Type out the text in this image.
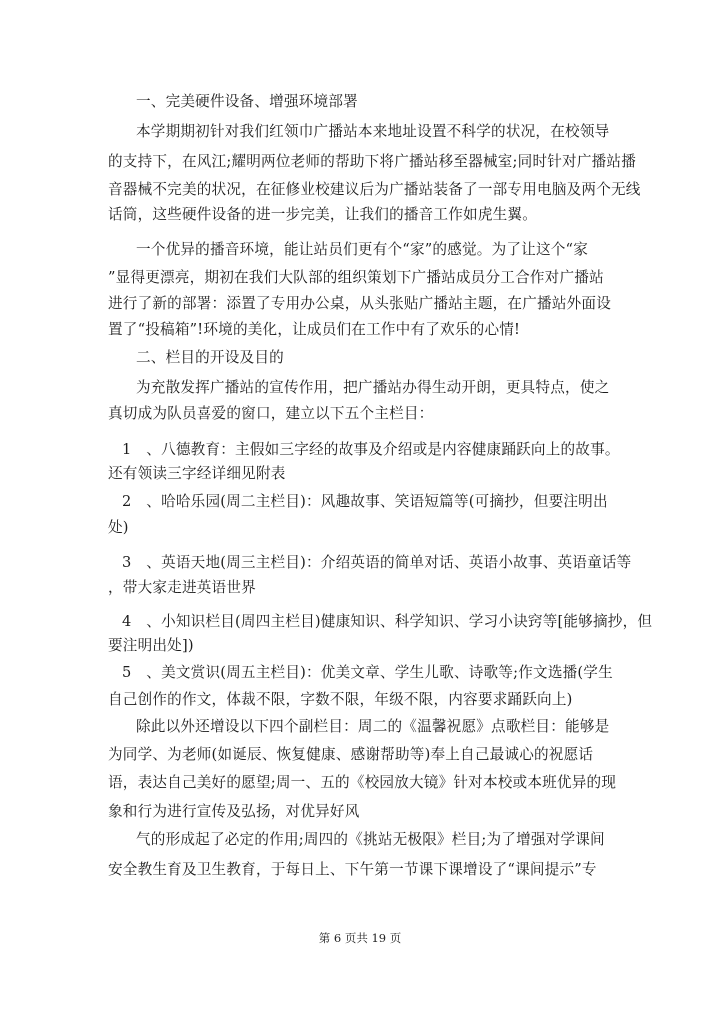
一、完美硬件设备、增强环境部署
本学期期初针对我们红领巾广播站本来地址设置不科学的状况，在校领导
的支持下，在风江;耀明两位老师的帮助下将广播站移至器械室;同时针对广播站播
音器械不完美的状况，在征修业校建议后为广播站装备了一部专用电脑及两个无线
话筒，这些硬件设备的进一步完美，让我们的播音工作如虎生翼。
一个优异的播音环境，能让站员们更有个“家”的感觉。为了让这个“家
”显得更漂亮，期初在我们大队部的组织策划下广播站成员分工合作对广播站
进行了新的部署：添置了专用办公桌，从头张贴广播站主题，在广播站外面设
置了“投稿箱”!环境的美化，让成员们在工作中有了欢乐的心情!
二、栏目的开设及目的
为充散发挥广播站的宣传作用，把广播站办得生动开朗，更具特点，使之
真切成为队员喜爱的窗口，建立以下五个主栏目：
1　、八德教育：主假如三字经的故事及介绍或是内容健康踊跃向上的故事。
还有领读三字经详细见附表
2　、哈哈乐园(周二主栏目)：风趣故事、笑语短篇等(可摘抄，但要注明出
处)
3　、英语天地(周三主栏目)：介绍英语的简单对话、英语小故事、英语童话等
，带大家走进英语世界
4　、小知识栏目(周四主栏目)健康知识、科学知识、学习小诀窍等[能够摘抄，但
要注明出处])
5　、美文赏识(周五主栏目)：优美文章、学生儿歌、诗歌等;作文选播(学生
自己创作的作文，体裁不限，字数不限，年级不限，内容要求踊跃向上)
除此以外还增设以下四个副栏目：周二的《温馨祝愿》点歌栏目：能够是
为同学、为老师(如诞辰、恢复健康、感谢帮助等)奉上自己最诚心的祝愿话
语，表达自己美好的愿望;周一、五的《校园放大镜》针对本校或本班优异的现
象和行为进行宣传及弘扬，对优异好风
气的形成起了必定的作用;周四的《挑站无极限》栏目;为了增强对学课间
安全教生育及卫生教育，于每日上、下午第一节课下课增设了“课间提示”专
第 6 页共 19 页
